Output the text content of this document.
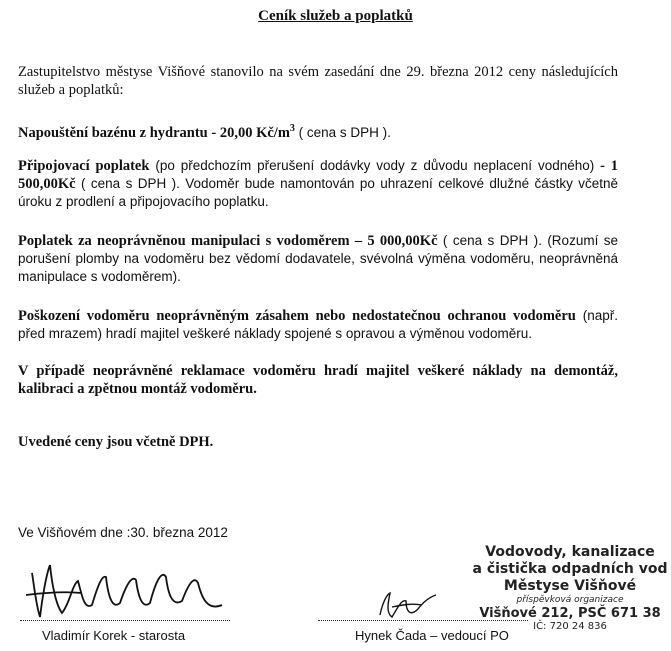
Ceník služeb a poplatků
Zastupitelstvo městyse Višňové stanovilo na svém zasedání dne 29. března 2012 ceny následujících služeb a poplatků:
Napouštění bazénu z hydrantu - 20,00 $Kč/m^3$ ( cena s DPH ).
Připojovací poplatek (po předchozím přerušení dodávky vody z důvodu neplacení vodného) - 1 500,00Kč ( cena s DPH ). Vodoměr bude namontován po uhrazení celkové dlužné částky včetně úroku z prodlení a připojovacího poplatku.
Poplatek za neoprávněnou manipulaci s vodoměrem – 5 000,00Kč ( cena s DPH ). (Rozumí se porušení plomby na vodoměru bez vědomí dodavatele, svévolná výměna vodoměru, neoprávněná manipulace s vodoměrem).
Poškození vodoměru neoprávněným zásahem nebo nedostatečnou ochranou vodoměru (např. před mrazem) hradí majitel veškeré náklady spojené s opravou a výměnou vodoměru.
V případě neoprávněné reklamace vodoměru hradí majitel veškeré náklady na demontáž, kalibraci a zpětnou montáž vodoměru.
Uvedené ceny jsou včetně DPH.
Ve Višňovém dne :30. března 2012
Vladimír Korek - starosta	Hynek Čada – vedoucí PO
Vodovody, kanalizace
a čistička odpadních vod
Městyse Višňové
příspěvková organizace
Višňové 212, PSČ 671 38
IČ: 720 24 836
